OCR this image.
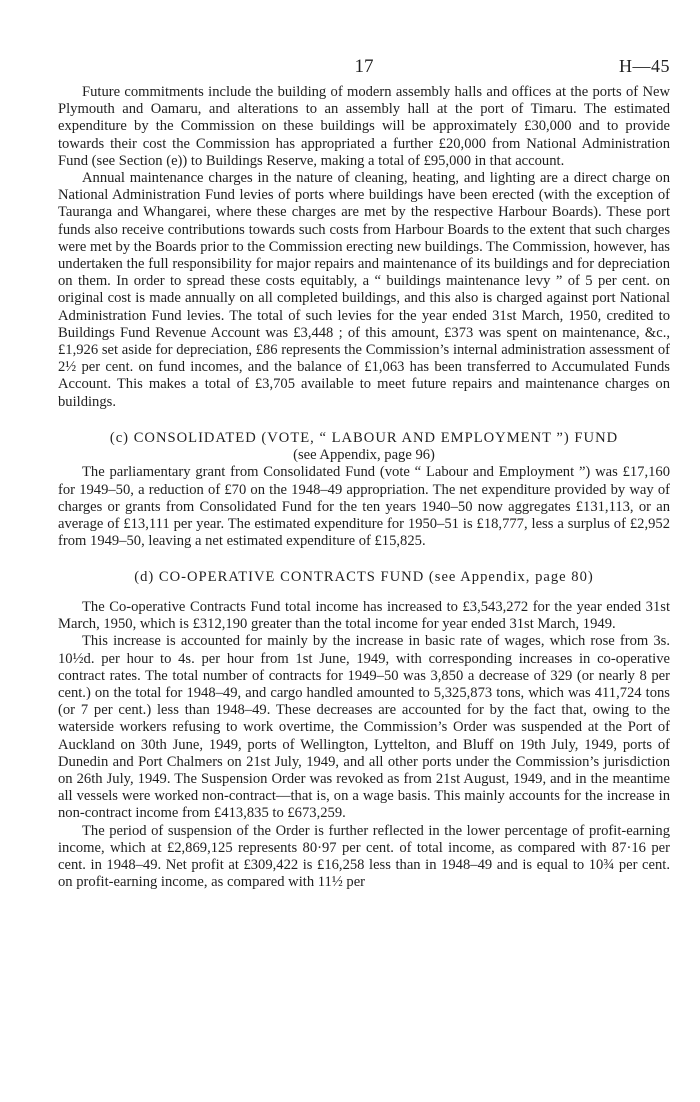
17	H—45

Future commitments include the building of modern assembly halls and offices at the ports of New Plymouth and Oamaru, and alterations to an assembly hall at the port of Timaru. The estimated expenditure by the Commission on these buildings will be approximately £30,000 and to provide towards their cost the Commission has appropriated a further £20,000 from National Administration Fund (see Section (e)) to Buildings Reserve, making a total of £95,000 in that account.

Annual maintenance charges in the nature of cleaning, heating, and lighting are a direct charge on National Administration Fund levies of ports where buildings have been erected (with the exception of Tauranga and Whangarei, where these charges are met by the respective Harbour Boards). These port funds also receive contributions towards such costs from Harbour Boards to the extent that such charges were met by the Boards prior to the Commission erecting new buildings. The Commission, however, has undertaken the full responsibility for major repairs and maintenance of its buildings and for depreciation on them. In order to spread these costs equitably, a “ buildings maintenance levy ” of 5 per cent. on original cost is made annually on all completed buildings, and this also is charged against port National Administration Fund levies. The total of such levies for the year ended 31st March, 1950, credited to Buildings Fund Revenue Account was £3,448 ; of this amount, £373 was spent on maintenance, &c., £1,926 set aside for depreciation, £86 represents the Commission’s internal administration assessment of 2½ per cent. on fund incomes, and the balance of £1,063 has been transferred to Accumulated Funds Account. This makes a total of £3,705 available to meet future repairs and maintenance charges on buildings.

(c) CONSOLIDATED (VOTE, “ LABOUR AND EMPLOYMENT ”) FUND
(see Appendix, page 96)

The parliamentary grant from Consolidated Fund (vote “ Labour and Employment ”) was £17,160 for 1949–50, a reduction of £70 on the 1948–49 appropriation. The net expenditure provided by way of charges or grants from Consolidated Fund for the ten years 1940–50 now aggregates £131,113, or an average of £13,111 per year. The estimated expenditure for 1950–51 is £18,777, less a surplus of £2,952 from 1949–50, leaving a net estimated expenditure of £15,825.

(d) CO-OPERATIVE CONTRACTS FUND (see Appendix, page 80)

The Co-operative Contracts Fund total income has increased to £3,543,272 for the year ended 31st March, 1950, which is £312,190 greater than the total income for year ended 31st March, 1949.

This increase is accounted for mainly by the increase in basic rate of wages, which rose from 3s. 10½d. per hour to 4s. per hour from 1st June, 1949, with corresponding increases in co-operative contract rates. The total number of contracts for 1949–50 was 3,850 a decrease of 329 (or nearly 8 per cent.) on the total for 1948–49, and cargo handled amounted to 5,325,873 tons, which was 411,724 tons (or 7 per cent.) less than 1948–49. These decreases are accounted for by the fact that, owing to the waterside workers refusing to work overtime, the Commission’s Order was suspended at the Port of Auckland on 30th June, 1949, ports of Wellington, Lyttelton, and Bluff on 19th July, 1949, ports of Dunedin and Port Chalmers on 21st July, 1949, and all other ports under the Commission’s jurisdiction on 26th July, 1949. The Suspension Order was revoked as from 21st August, 1949, and in the meantime all vessels were worked non-contract—that is, on a wage basis. This mainly accounts for the increase in non-contract income from £413,835 to £673,259.

The period of suspension of the Order is further reflected in the lower percentage of profit-earning income, which at £2,869,125 represents 80·97 per cent. of total income, as compared with 87·16 per cent. in 1948–49. Net profit at £309,422 is £16,258 less than in 1948–49 and is equal to 10¾ per cent. on profit-earning income, as compared with 11½ per
